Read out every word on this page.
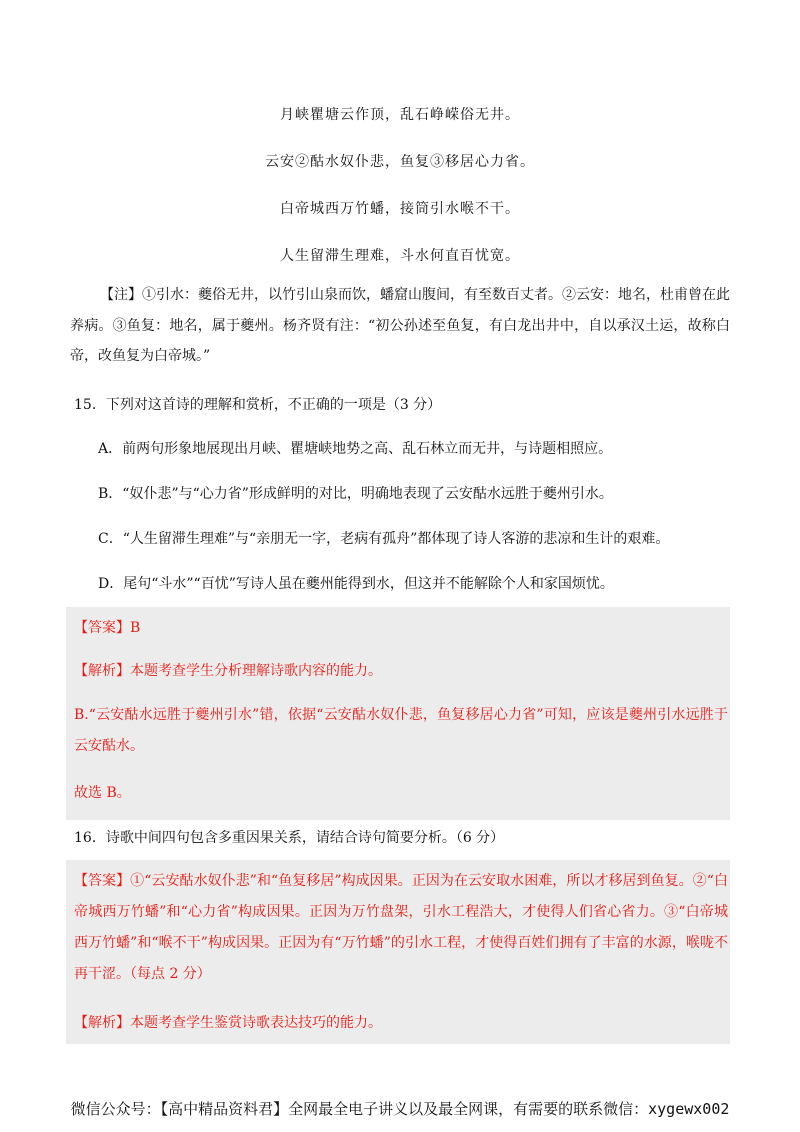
月峡瞿塘云作顶，乱石峥嵘俗无井。
云安②酤水奴仆悲，鱼复③移居心力省。
白帝城西万竹蟠，接筒引水喉不干。
人生留滞生理难，斗水何直百忧宽。
【注】①引水：夔俗无井，以竹引山泉而饮，蟠窟山腹间，有至数百丈者。②云安：地名，杜甫曾在此养病。③鱼复：地名，属于夔州。杨齐贤有注：“初公孙述至鱼复，有白龙出井中，自以承汉土运，故称白帝，改鱼复为白帝城。”
15．下列对这首诗的理解和赏析，不正确的一项是（3 分）
A．前两句形象地展现出月峡、瞿塘峡地势之高、乱石林立而无井，与诗题相照应。
B．“奴仆悲”与“心力省”形成鲜明的对比，明确地表现了云安酤水远胜于夔州引水。
C．“人生留滞生理难”与“亲朋无一字，老病有孤舟”都体现了诗人客游的悲凉和生计的艰难。
D．尾句“斗水”“百忧”写诗人虽在夔州能得到水，但这并不能解除个人和家国烦忧。
【答案】B
【解析】本题考查学生分析理解诗歌内容的能力。
B.“云安酤水远胜于夔州引水”错，依据“云安酤水奴仆悲，鱼复移居心力省”可知，应该是夔州引水远胜于云安酤水。
故选 B。
16．诗歌中间四句包含多重因果关系，请结合诗句简要分析。（6 分）
【答案】①“云安酤水奴仆悲”和“鱼复移居”构成因果。正因为在云安取水困难，所以才移居到鱼复。②“白帝城西万竹蟠”和“心力省”构成因果。正因为万竹盘架，引水工程浩大，才使得人们省心省力。③“白帝城西万竹蟠”和“喉不干”构成因果。正因为有“万竹蟠”的引水工程，才使得百姓们拥有了丰富的水源，喉咙不再干涩。（每点 2 分）
【解析】本题考查学生鉴赏诗歌表达技巧的能力。
微信公众号：【高中精品资料君】全网最全电子讲义以及最全网课，有需要的联系微信：xygewx002
